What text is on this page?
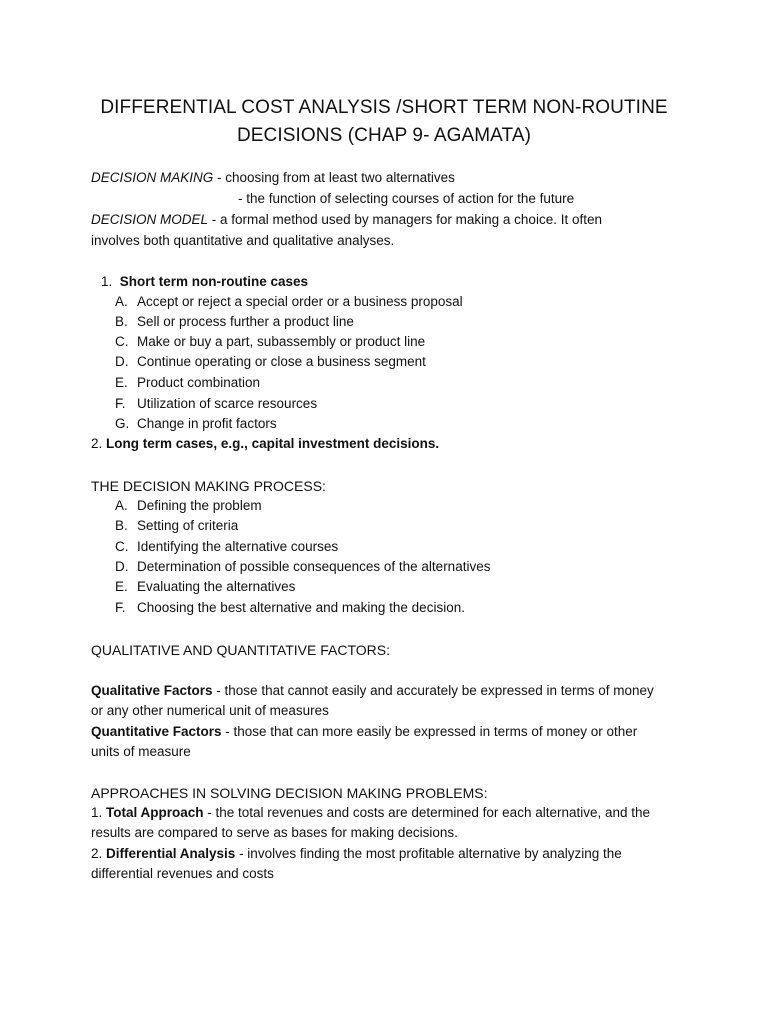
DIFFERENTIAL COST ANALYSIS /SHORT TERM NON-ROUTINE
DECISIONS (CHAP 9- AGAMATA)
DECISION MAKING - choosing from at least two alternatives
- the function of selecting courses of action for the future
DECISION MODEL - a formal method used by managers for making a choice. It often
involves both quantitative and qualitative analyses.
1. Short term non-routine cases
A. Accept or reject a special order or a business proposal
B. Sell or process further a product line
C. Make or buy a part, subassembly or product line
D. Continue operating or close a business segment
E. Product combination
F. Utilization of scarce resources
G. Change in profit factors
2. Long term cases, e.g., capital investment decisions.
THE DECISION MAKING PROCESS:
A. Defining the problem
B. Setting of criteria
C. Identifying the alternative courses
D. Determination of possible consequences of the alternatives
E. Evaluating the alternatives
F. Choosing the best alternative and making the decision.
QUALITATIVE AND QUANTITATIVE FACTORS:
Qualitative Factors - those that cannot easily and accurately be expressed in terms of money
or any other numerical unit of measures
Quantitative Factors - those that can more easily be expressed in terms of money or other
units of measure
APPROACHES IN SOLVING DECISION MAKING PROBLEMS:
1. Total Approach - the total revenues and costs are determined for each alternative, and the
results are compared to serve as bases for making decisions.
2. Differential Analysis - involves finding the most profitable alternative by analyzing the
differential revenues and costs
